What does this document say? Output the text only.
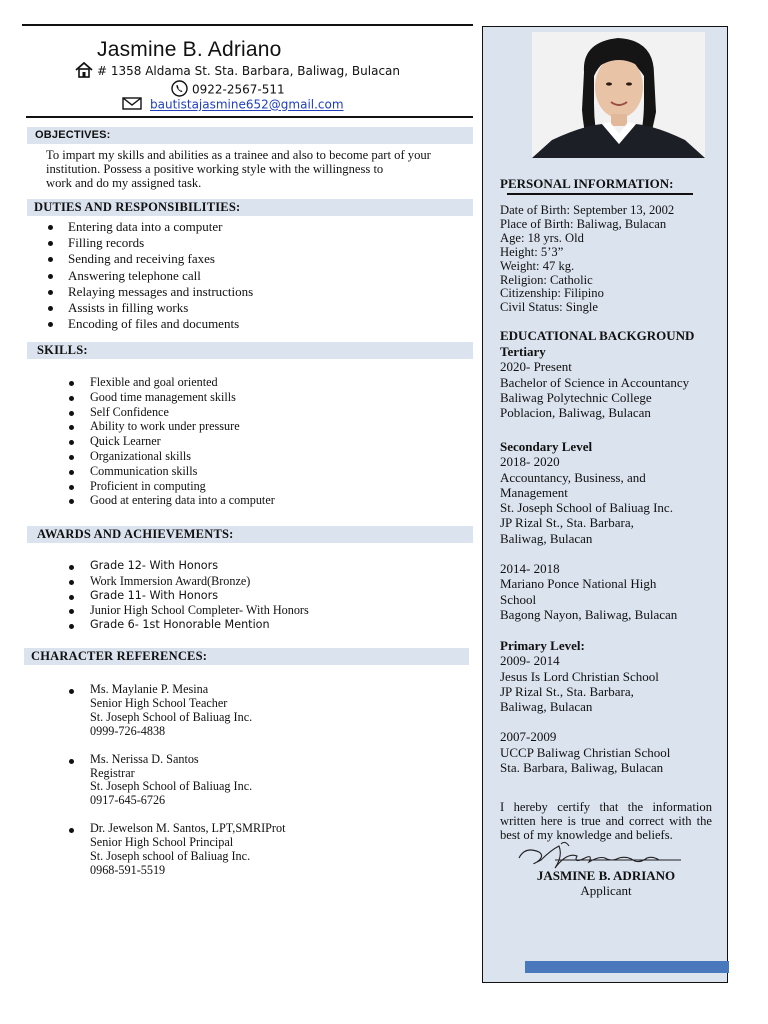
Jasmine B. Adriano
# 1358 Aldama St. Sta. Barbara, Baliwag, Bulacan
0922-2567-511
bautistajasmine652@gmail.com
OBJECTIVES:
To impart my skills and abilities as a trainee and also to become part of your
institution. Possess a positive working style with the willingness to
work and do my assigned task.
DUTIES AND RESPONSIBILITIES:
Entering data into a computer
Filling records
Sending and receiving faxes
Answering telephone call
Relaying messages and instructions
Assists in filling works
Encoding of files and documents
SKILLS:
Flexible and goal oriented
Good time management skills
Self Confidence
Ability to work under pressure
Quick Learner
Organizational skills
Communication skills
Proficient in computing
Good at entering data into a computer
AWARDS AND ACHIEVEMENTS:
Grade 12- With Honors
Work Immersion Award(Bronze)
Grade 11- With Honors
Junior High School Completer- With Honors
Grade 6- 1st Honorable Mention
CHARACTER REFERENCES:
Ms. Maylanie P. Mesina
Senior High School Teacher
St. Joseph School of Baliuag Inc.
0999-726-4838
Ms. Nerissa D. Santos
Registrar
St. Joseph School of Baliuag Inc.
0917-645-6726
Dr. Jewelson M. Santos, LPT,SMRIProt
Senior High School Principal
St. Joseph school of Baliuag Inc.
0968-591-5519
PERSONAL INFORMATION:
Date of Birth: September 13, 2002
Place of Birth: Baliwag, Bulacan
Age: 18 yrs. Old
Height: 5’3”
Weight: 47 kg.
Religion: Catholic
Citizenship: Filipino
Civil Status: Single
EDUCATIONAL BACKGROUND
Tertiary
2020- Present
Bachelor of Science in Accountancy
Baliwag Polytechnic College
Poblacion, Baliwag, Bulacan
Secondary Level
2018- 2020
Accountancy, Business, and
Management
St. Joseph School of Baliuag Inc.
JP Rizal St., Sta. Barbara,
Baliwag, Bulacan
2014- 2018
Mariano Ponce National High
School
Bagong Nayon, Baliwag, Bulacan
Primary Level:
2009- 2014
Jesus Is Lord Christian School
JP Rizal St., Sta. Barbara,
Baliwag, Bulacan
2007-2009
UCCP Baliwag Christian School
Sta. Barbara, Baliwag, Bulacan
I hereby certify that the information written here is true and correct with the best of my knowledge and beliefs.
JASMINE B. ADRIANO
Applicant
